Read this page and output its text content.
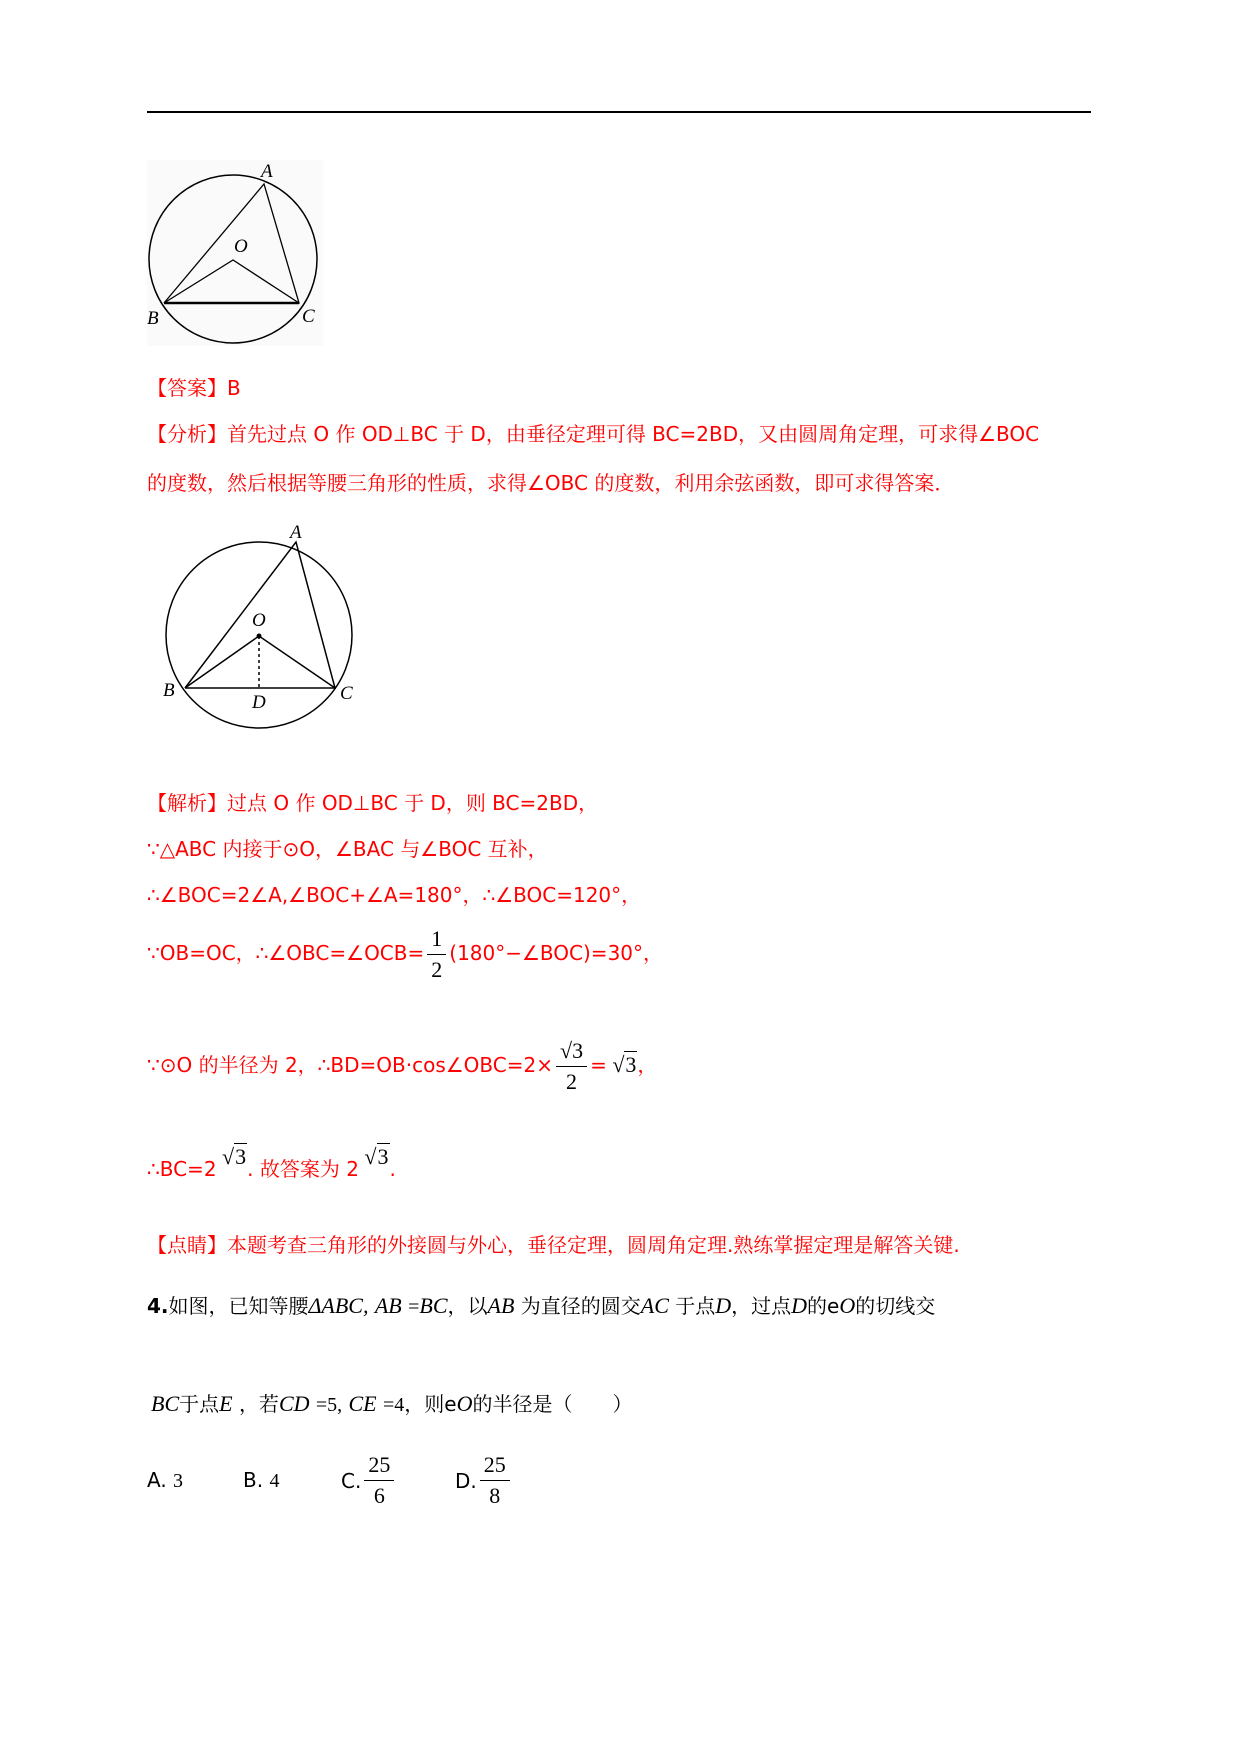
A
O
B	C
【答案】B
【分析】首先过点 O 作 OD⊥BC 于 D，由垂径定理可得 BC=2BD，又由圆周角定理，可求得∠BOC
的度数，然后根据等腰三角形的性质，求得∠OBC 的度数，利用余弦函数，即可求得答案．
A
O
B	C
D
【解析】过点 O 作 OD⊥BC 于 D，则 BC=2BD，
∵△ABC 内接于⊙O，∠BAC 与∠BOC 互补，
∴∠BOC=2∠A,∠BOC+∠A=180°，∴∠BOC=120°，
∵OB=OC，∴∠OBC=∠OCB= $\frac{1}{2}$ (180°−∠BOC)=30°，
∵⊙O 的半径为 2，∴BD=OB·cos∠OBC=2× $\frac{√3}{2} = √3$，
∴BC=2 √3. 故答案为 2 √3.
【点睛】本题考查三角形的外接圆与外心，垂径定理，圆周角定理.熟练掌握定理是解答关键.
4.如图，已知等腰ΔABC, AB =BC，以AB 为直径的圆交AC 于点D，过点D的eO的切线交
BC于点E ，若CD =5, CE =4，则eO的半径是（　　）
A. 3	B. 4	C. $\frac{25}{6}$	D. $\frac{25}{8}$
